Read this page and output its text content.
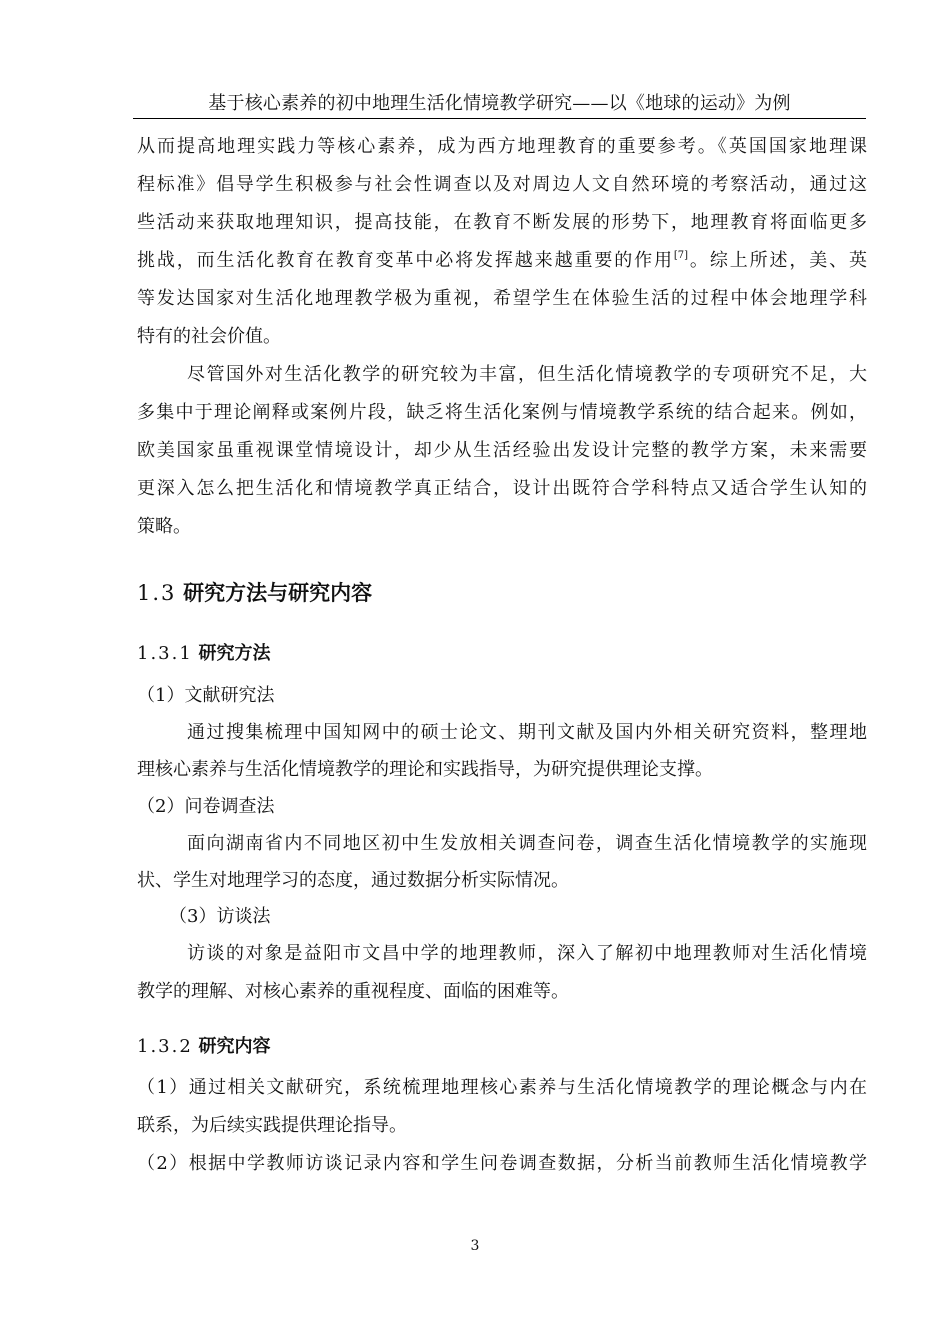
基于核心素养的初中地理生活化情境教学研究——以《地球的运动》为例
从而提高地理实践力等核心素养，成为西方地理教育的重要参考。《英国国家地理课
程标准》倡导学生积极参与社会性调查以及对周边人文自然环境的考察活动，通过这
些活动来获取地理知识，提高技能，在教育不断发展的形势下，地理教育将面临更多
挑战，而生活化教育在教育变革中必将发挥越来越重要的作用[7]。综上所述，美、英
等发达国家对生活化地理教学极为重视，希望学生在体验生活的过程中体会地理学科
特有的社会价值。
尽管国外对生活化教学的研究较为丰富，但生活化情境教学的专项研究不足，大
多集中于理论阐释或案例片段，缺乏将生活化案例与情境教学系统的结合起来。例如，
欧美国家虽重视课堂情境设计，却少从生活经验出发设计完整的教学方案，未来需要
更深入怎么把生活化和情境教学真正结合，设计出既符合学科特点又适合学生认知的
策略。
1.3 研究方法与研究内容
1.3.1 研究方法
（1）文献研究法
通过搜集梳理中国知网中的硕士论文、期刊文献及国内外相关研究资料，整理地
理核心素养与生活化情境教学的理论和实践指导，为研究提供理论支撑。
（2）问卷调查法
面向湖南省内不同地区初中生发放相关调查问卷，调查生活化情境教学的实施现
状、学生对地理学习的态度，通过数据分析实际情况。
（3）访谈法
访谈的对象是益阳市文昌中学的地理教师，深入了解初中地理教师对生活化情境
教学的理解、对核心素养的重视程度、面临的困难等。
1.3.2 研究内容
（1）通过相关文献研究，系统梳理地理核心素养与生活化情境教学的理论概念与内在
联系，为后续实践提供理论指导。
（2）根据中学教师访谈记录内容和学生问卷调查数据，分析当前教师生活化情境教学
3
